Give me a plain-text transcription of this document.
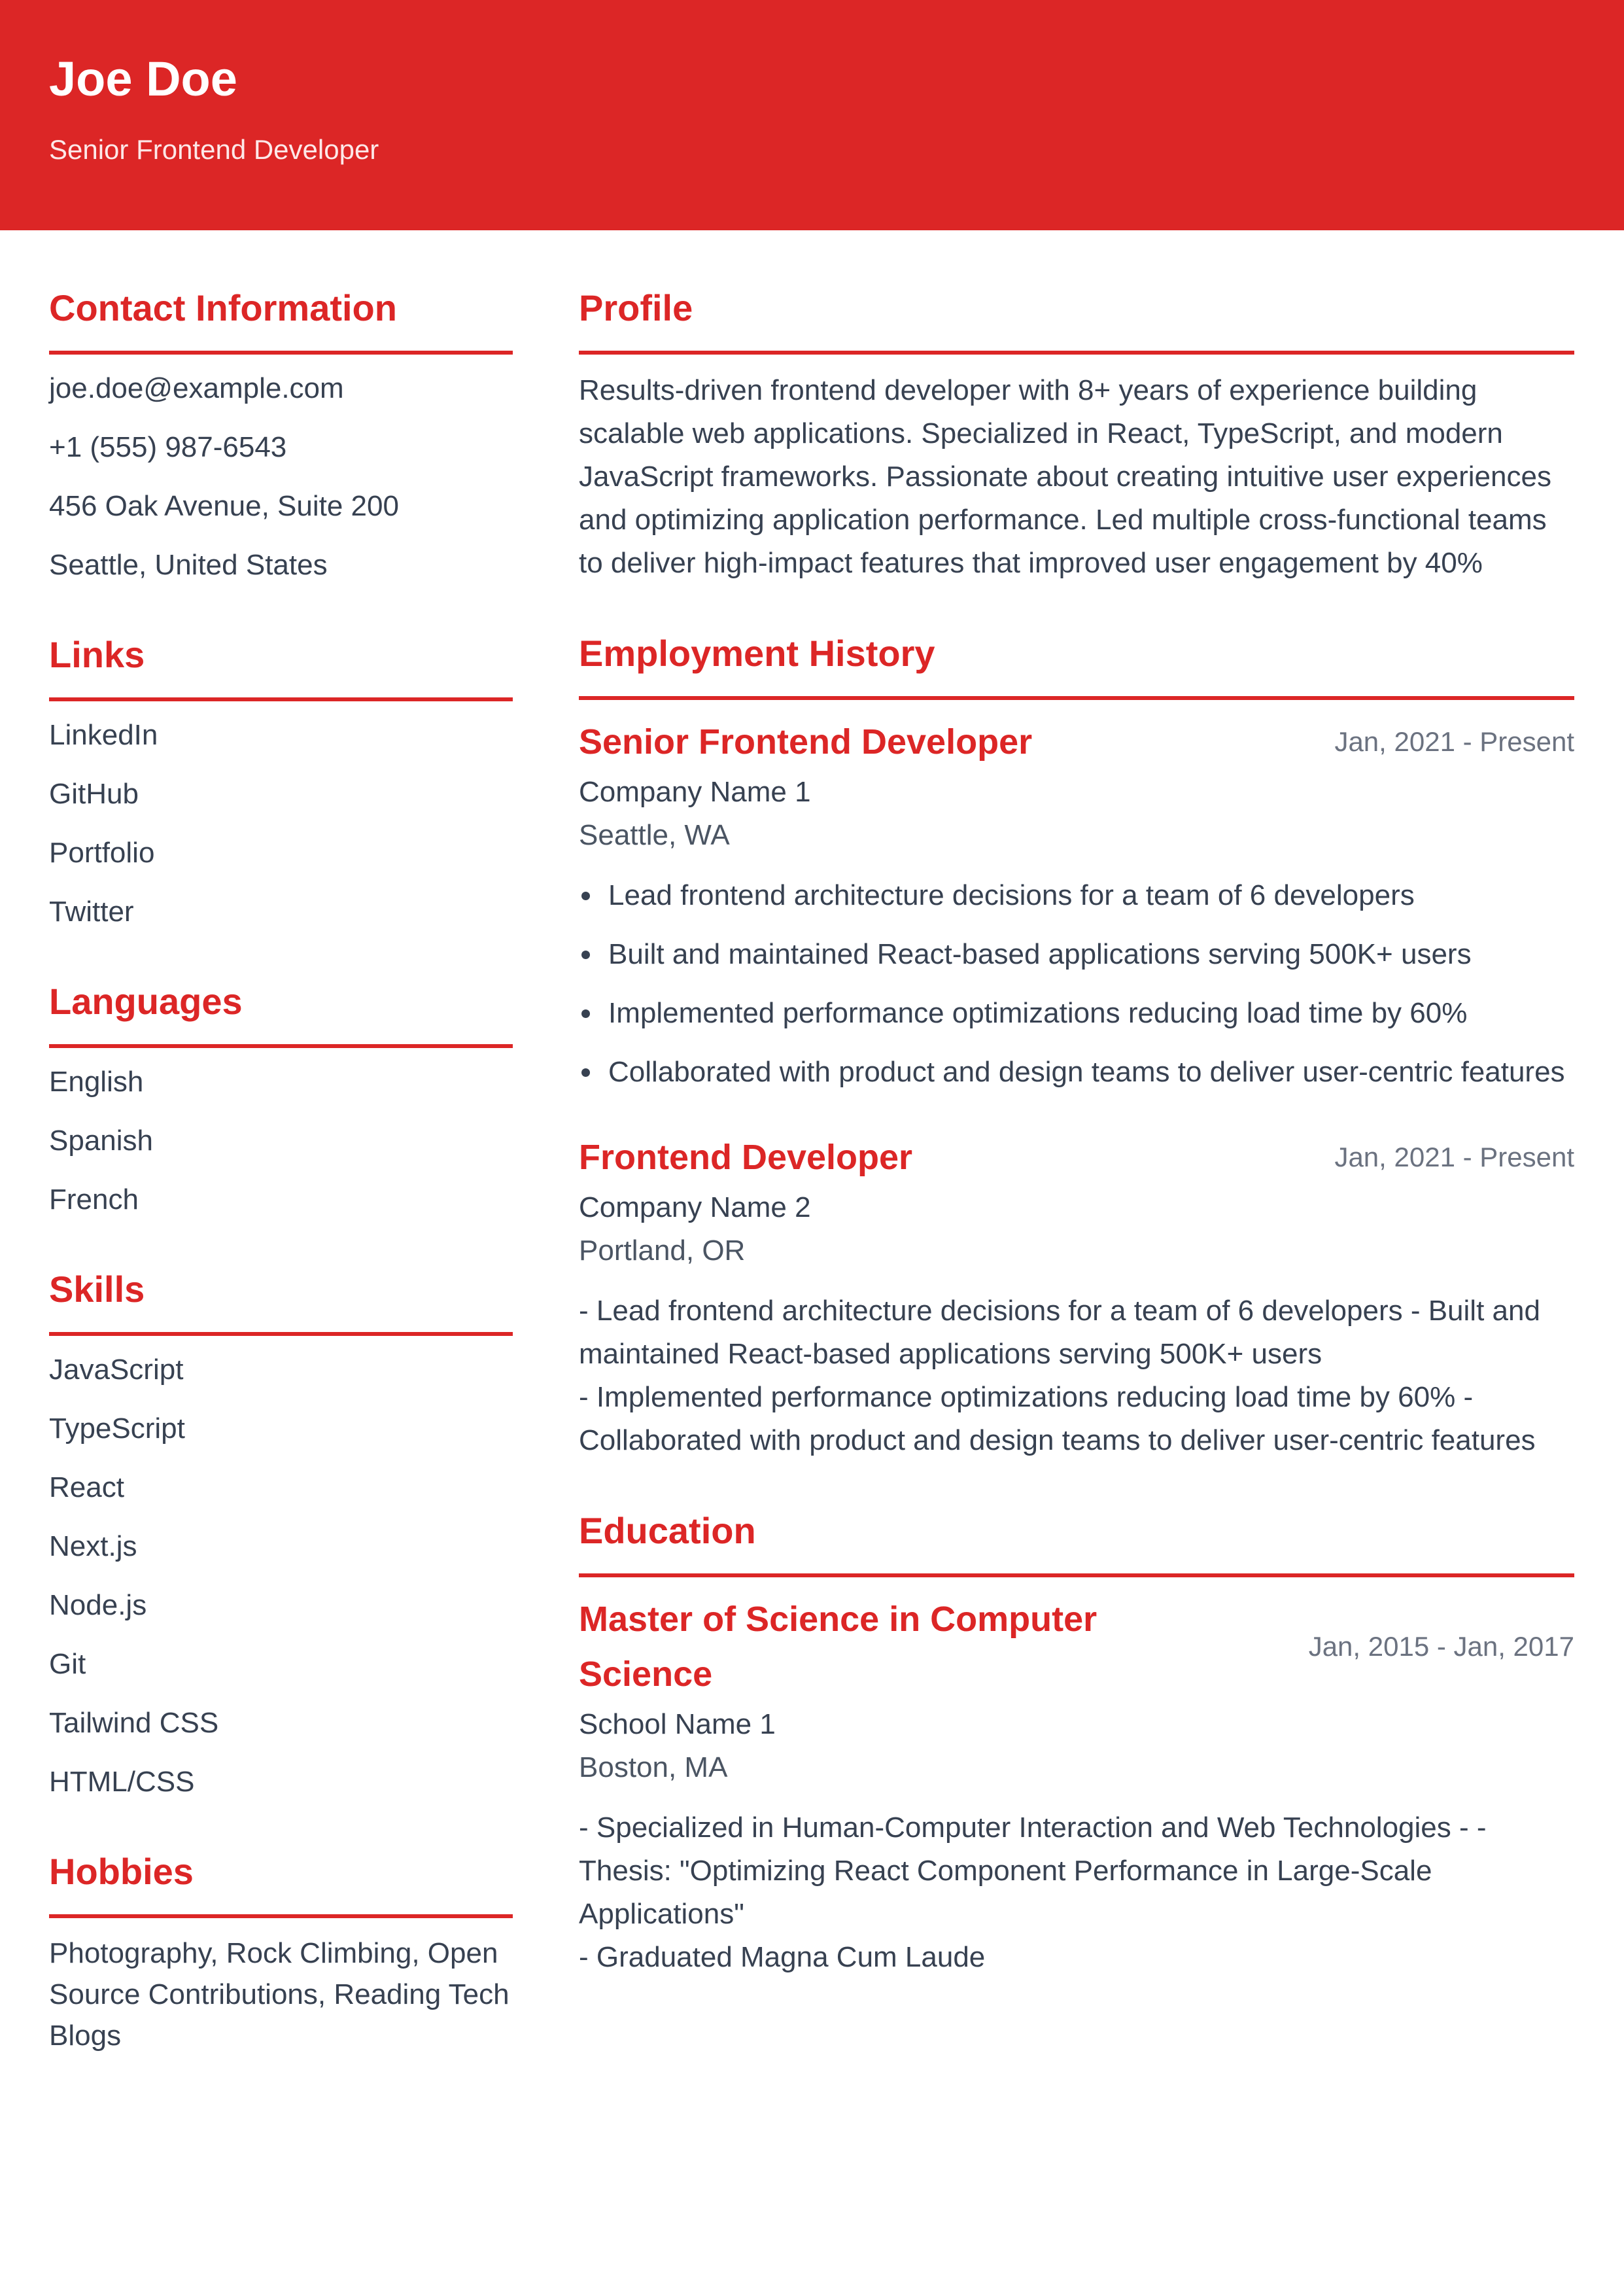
Joe Doe
Senior Frontend Developer
Contact Information
joe.doe@example.com
+1 (555) 987-6543
456 Oak Avenue, Suite 200
Seattle, United States
Links
LinkedIn
GitHub
Portfolio
Twitter
Languages
English
Spanish
French
Skills
JavaScript
TypeScript
React
Next.js
Node.js
Git
Tailwind CSS
HTML/CSS
Hobbies
Photography, Rock Climbing, Open Source Contributions, Reading Tech Blogs
Profile
Results-driven frontend developer with 8+ years of experience building scalable web applications. Specialized in React, TypeScript, and modern JavaScript frameworks. Passionate about creating intuitive user experiences and optimizing application performance. Led multiple cross-functional teams to deliver high-impact features that improved user engagement by 40%
Employment History
Senior Frontend Developer	Jan, 2021 - Present
Company Name 1
Seattle, WA
• Lead frontend architecture decisions for a team of 6 developers
• Built and maintained React-based applications serving 500K+ users
• Implemented performance optimizations reducing load time by 60%
• Collaborated with product and design teams to deliver user-centric features
Frontend Developer	Jan, 2021 - Present
Company Name 2
Portland, OR
- Lead frontend architecture decisions for a team of 6 developers - Built and maintained React-based applications serving 500K+ users
- Implemented performance optimizations reducing load time by 60% - Collaborated with product and design teams to deliver user-centric features
Education
Master of Science in Computer Science
Jan, 2015 - Jan, 2017
School Name 1
Boston, MA
- Specialized in Human-Computer Interaction and Web Technologies - - Thesis: "Optimizing React Component Performance in Large-Scale Applications"
- Graduated Magna Cum Laude
